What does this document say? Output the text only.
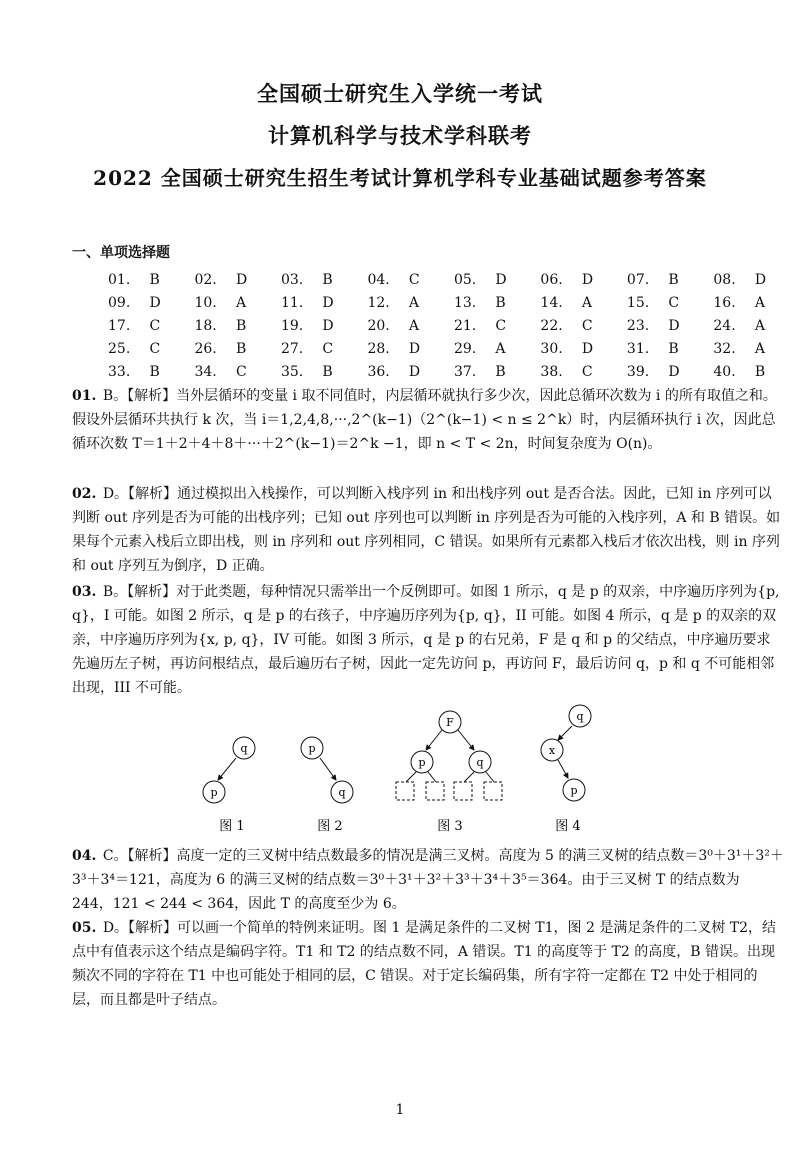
全国硕士研究生入学统一考试
计算机科学与技术学科联考
2022 全国硕士研究生招生考试计算机学科专业基础试题参考答案
一、单项选择题
01.	B	02.	D	03.	B	04.	C	05.	D	06.	D	07.	B	08.	D
09.	D	10.	A	11.	D	12.	A	13.	B	14.	A	15.	C	16.	A
17.	C	18.	B	19.	D	20.	A	21.	C	22.	C	23.	D	24.	A
25.	C	26.	B	27.	C	28.	D	29.	A	30.	D	31.	B	32.	A
33.	B	34.	C	35.	B	36.	D	37.	B	38.	C	39.	D	40.	B
01. B。【解析】当外层循环的变量 i 取不同值时，内层循环就执行多少次，因此总循环次数为 i 的所有取值之和。假设外层循环共执行 k 次，当 i＝1,2,4,8,···,2^(k−1)（2^(k−1) < n ≤ 2^k）时，内层循环执行 i 次，因此总循环次数 T＝1＋2＋4＋8＋···＋2^(k−1)＝2^k −1，即 n < T < 2n，时间复杂度为 O(n)。
02. D。【解析】通过模拟出入栈操作，可以判断入栈序列 in 和出栈序列 out 是否合法。因此，已知 in 序列可以判断 out 序列是否为可能的出栈序列；已知 out 序列也可以判断 in 序列是否为可能的入栈序列，A 和 B 错误。如果每个元素入栈后立即出栈，则 in 序列和 out 序列相同，C 错误。如果所有元素都入栈后才依次出栈，则 in 序列和 out 序列互为倒序，D 正确。
03. B。【解析】对于此类题，每种情况只需举出一个反例即可。如图 1 所示，q 是 p 的双亲，中序遍历序列为{p, q}，I 可能。如图 2 所示，q 是 p 的右孩子，中序遍历序列为{p, q}，II 可能。如图 4 所示，q 是 p 的双亲的双亲，中序遍历序列为{x, p, q}，IV 可能。如图 3 所示，q 是 p 的右兄弟，F 是 q 和 p 的父结点，中序遍历要求先遍历左子树，再访问根结点，最后遍历右子树，因此一定先访问 p，再访问 F，最后访问 q，p 和 q 不可能相邻出现，III 不可能。
q
p
图 1
p
q
图 2
F
p	q
图 3
q
x
p
图 4
04. C。【解析】高度一定的三叉树中结点数最多的情况是满三叉树。高度为 5 的满三叉树的结点数＝3⁰＋3¹＋3²＋3³＋3⁴＝121，高度为 6 的满三叉树的结点数＝3⁰＋3¹＋3²＋3³＋3⁴＋3⁵＝364。由于三叉树 T 的结点数为 244，121 < 244 < 364，因此 T 的高度至少为 6。
05. D。【解析】可以画一个简单的特例来证明。图 1 是满足条件的二叉树 T1，图 2 是满足条件的二叉树 T2，结点中有值表示这个结点是编码字符。T1 和 T2 的结点数不同，A 错误。T1 的高度等于 T2 的高度，B 错误。出现频次不同的字符在 T1 中也可能处于相同的层，C 错误。对于定长编码集，所有字符一定都在 T2 中处于相同的层，而且都是叶子结点。
1
